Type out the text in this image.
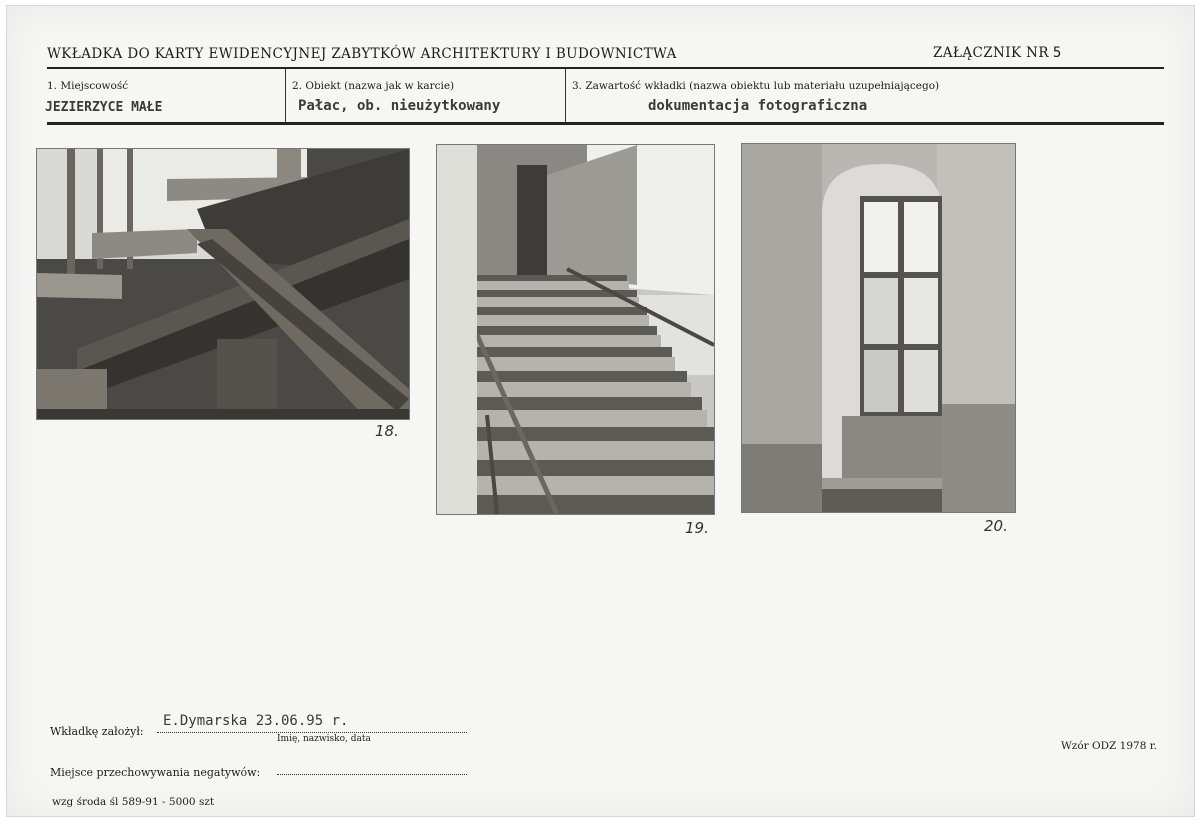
WKŁADKA DO KARTY EWIDENCYJNEJ ZABYTKÓW ARCHITEKTURY I BUDOWNICTWA	ZAŁĄCZNIK NR 5
1. Miejscowość
JEZIERZYCE MAŁE
2. Obiekt (nazwa jak w karcie)
Pałac, ob. nieużytkowany
3. Zawartość wkładki (nazwa obiektu lub materiału uzupełniającego)
dokumentacja fotograficzna
18.
19.	20.
Wkładkę założył:
E.Dymarska 23.06.95 r.
Imię, nazwisko, data
Wzór ODZ 1978 r.
Miejsce przechowywania negatywów:
wzg środa śl 589-91 - 5000 szt
